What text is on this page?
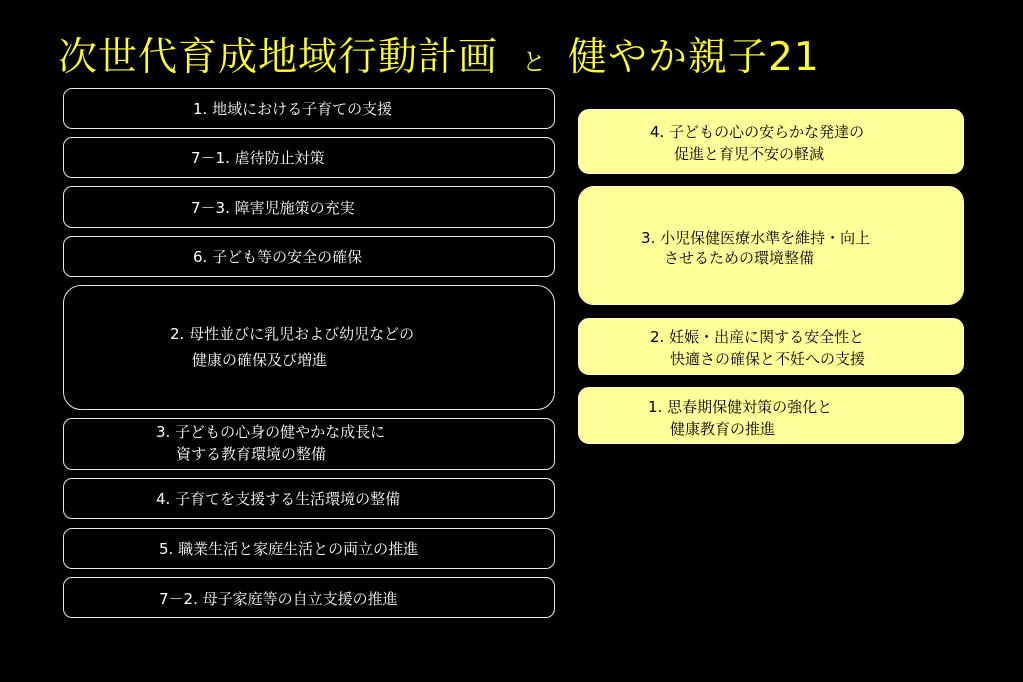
次世代育成地域行動計画 と 健やか親子21
1. 地域における子育ての支援
7－1. 虐待防止対策
7－3. 障害児施策の充実
6. 子ども等の安全の確保
2. 母性並びに乳児および幼児などの
健康の確保及び増進
3. 子どもの心身の健やかな成長に
資する教育環境の整備
4. 子育てを支援する生活環境の整備
5. 職業生活と家庭生活との両立の推進
7－2. 母子家庭等の自立支援の推進
4. 子どもの心の安らかな発達の
促進と育児不安の軽減
3. 小児保健医療水準を維持・向上
させるための環境整備
2. 妊娠・出産に関する安全性と
快適さの確保と不妊への支援
1. 思春期保健対策の強化と
健康教育の推進
